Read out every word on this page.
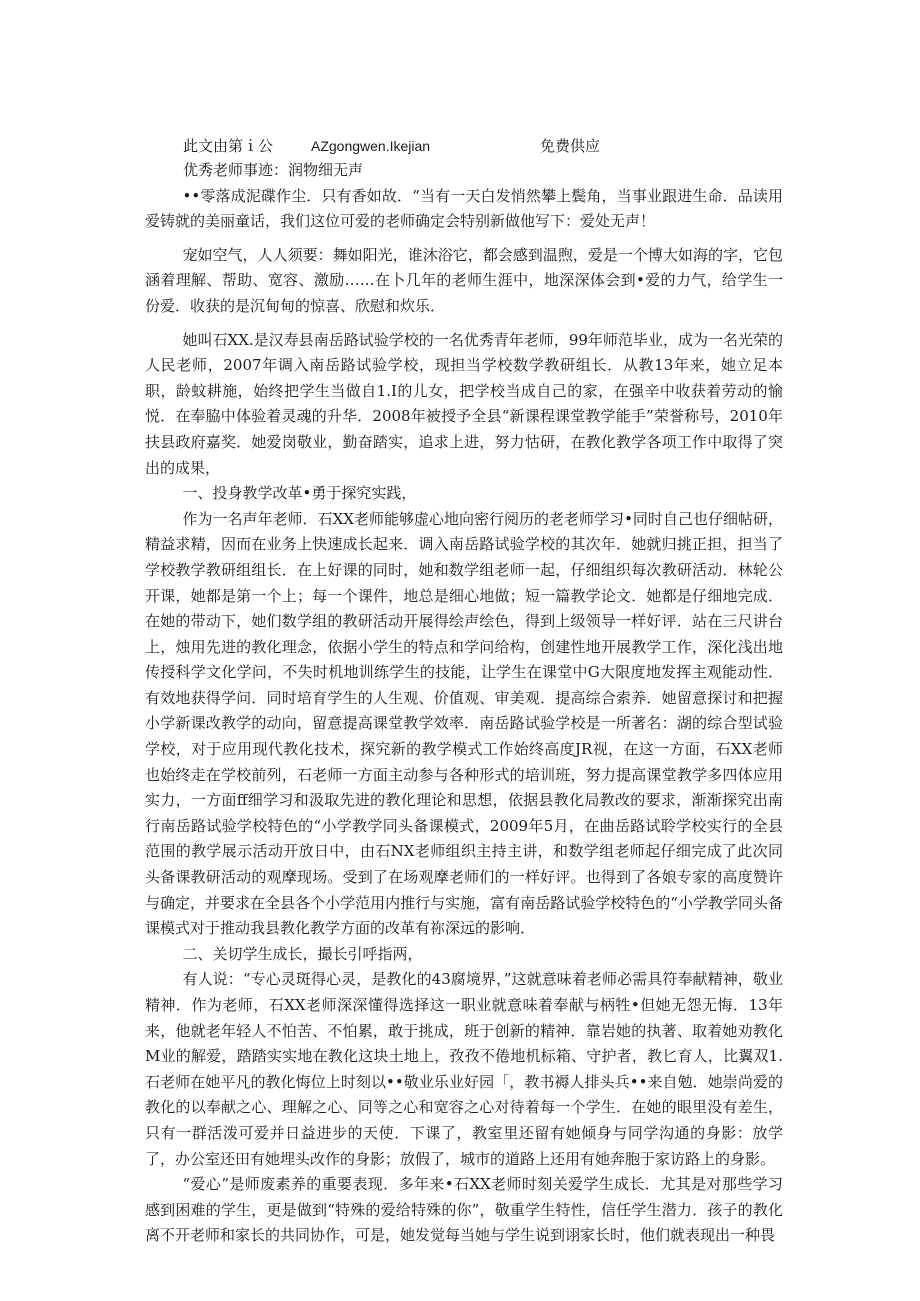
此文由第ｉ公	AZgongwen.Ikejian	免费供应

优秀老师事迹：润物细无声

••零落成泥碟作尘．只有香如故．“当有一天白发悄然攀上鬓角，当事业跟进生命．品读用爱铸就的美丽童话，我们这位可爱的老师确定会特别新做他写下：爱处无声！

宠如空气，人人须要：舞如阳光，谁沐浴它，都会感到温煦，爱是一个博大如海的字，它包涵着理解、帮助、宽容、激励……在卜几年的老师生涯中，地深深体会到•爱的力气，给学生一份爱．收获的是沉甸甸的惊喜、欣慰和炊乐．

她叫石XX.是汉寿县南岳路试验学校的一名优秀青年老师，99年师范毕业，成为一名光荣的人民老师，2007年调入南岳路试验学校，现担当学校数学教研组长．从教13年来，她立足本职，龄蚊耕施，始终把学生当做自1.I的儿女，把学校当成自己的家，在强辛中收获着劳动的愉悦．在奉脇中体验着灵魂的升华．2008年被授予全县“新课程课堂教学能手”荣誉称号，2010年扶县政府嘉奖．她爱岗敬业，勤奋踏实，追求上进，努力怙研，在教化教学各项工作中取得了突出的成果，

一、投身教学改革•勇于探究实践，

作为一名声年老师．石XX老师能够虚心地向密行阅历的老老师学习•同时自己也仔细帖研，精益求精，因而在业务上快速成长起来．调入南岳路试验学校的其次年．她就归挑正担，担当了学校教学教研组组长．在上好课的同时，她和数学组老师一起，仔细组织每次教研活动．林轮公开课，她都是第一个上；每一个课件，地总是细心地做；短一篇教学论文．她都是仔细地完成．在她的带动下，她们数学组的教研活动开展得绘声绘色，得到上级领导一样好评．站在三尺讲台上，烛用先进的教化理念，依据小学生的特点和学问给构，创建性地开展教学工作，深化浅出地传授科学文化学问，不失时机地训练学生的技能，让学生在课堂中G大限度地发挥主观能动性．有效地获得学问．同时培育学生的人生观、价值观、审美观．提高综合索养．她留意探讨和把握小学新课改教学的动向，留意提高课堂教学效率．南岳路试验学校是一所著名：湖的综合型试验学校，对于应用现代教化技术，探究新的教学模式工作始终高度JR视，在这一方面，石XX老师也始终走在学校前列，石老师一方面主动参与各种形式的培训班，努力提高课堂教学多四体应用实力，一方面ff细学习和汲取先进的教化理论和思想，依据县教化局教改的要求，渐渐探究出南行南岳路试验学校特色的“小学教学同头备课模式，2009年5月，在曲岳路试聆学校实行的全县范围的教学展示活动开放日中，由石NX老师组织主持主讲，和数学组老师起仔细完成了此次同头备课教研活动的观摩现场。受到了在场观摩老师们的一样好评。也得到了各娘专家的高度赞许与确定，并要求在全县各个小学范用内推行与实施，富有南岳路试验学校特色的“小学教学同头备课模式对于推动我县教化教学方面的改革有祢深远的影响．

二、关切学生成长，撮长引呼指两，

有人说：“专心灵斑得心灵，是教化的43腐境界，”这就意味着老师必需具符奉献精神，敬业精神．作为老师，石XX老师深深懂得选择这一职业就意味着奉献与柄牲•但她无怨无悔．13年来，他就老年轻人不怕苦、不怕累，敢于挑成，班于创新的精神．靠岩她的执著、取着她劝教化M业的解爱，踏踏实实地在教化这块土地上，孜孜不倦地机标箱、守护者，教匕育人，比翼双1.石老师在她平凡的教化悔位上时刻以••敬业乐业好园「，教书褥人排头兵••来自勉．她崇尚爱的教化的以奉献之心、理解之心、同等之心和宽容之心对待着每一个学生．在她的眼里没有差生，只有一群活泼可爱并日益进步的天使．下课了，教室里还留有她倾身与同学沟通的身影：放学了，办公室还田有她埋头改作的身影；放假了，城市的道路上还用有她奔胞于家访路上的身影。

“爱心”是师废素养的重要表现．多年来•石XX老师时刻关爱学生成长．尤其是对那些学习感到困难的学生，更是做到“特殊的爱给特殊的你”，敬重学生特性，信任学生潜力．孩子的教化离不开老师和家长的共同协作，可是，她发觉每当她与学生说到诩家长时，他们就表现出一种畏
